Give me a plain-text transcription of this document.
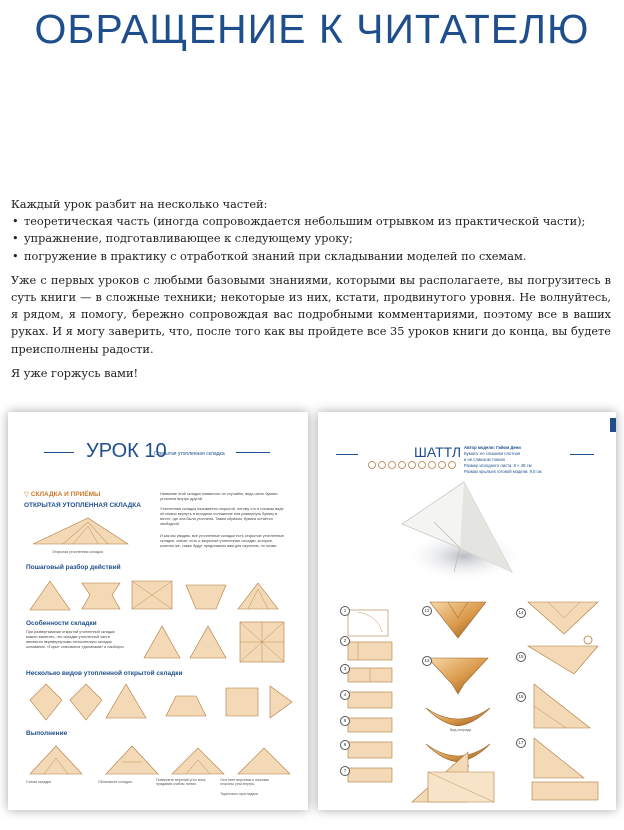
ОБРАЩЕНИЕ К ЧИТАТЕЛЮ

Каждый урок разбит на несколько частей:

• теоретическая часть (иногда сопровождается небольшим отрывком из практической части);
• упражнение, подготавливающее к следующему уроку;
• погружение в практику с отработкой знаний при складывании моделей по схемам.

Уже с первых уроков с любыми базовыми знаниями, которыми вы располагаете, вы погрузитесь в суть книги — в сложные техники; некоторые из них, кстати, продвинутого уровня. Не волнуйтесь, я рядом, я помогу, бережно сопровождая вас подробными комментариями, поэтому все в ваших руках. И я могу заверить, что, после того как вы пройдете все 35 уроков книги до конца, вы будете преисполнены радости.

Я уже горжусь вами!

УРОК 10
Открытая утопленная складка
▽ СКЛАДКА И ПРИЁМЫ
ОТКРЫТАЯ УТОПЛЕННАЯ СКЛАДКА
Открытая утопленная складка
Название этой складки появилось не случайно, ведь часть бумаги утоплена внутрь другой.
Утопленная складка называется открытой, потому что в готовом виде её можно вернуть в исходное положение или развернуть бумагу в месте, где она была утоплена. Таким образом, бумага остаётся свободной.
И как мы увидим, все утопленные складки есть открытые утопленные складки, значит, есть и закрытые утопленные складки, которые, конечно же, также будут предложены вам для изучения, но позже.
Пошаговый разбор действий
Особенности складки
При развертывании открытой утопленной складки можно заметить, что складки утопленной части являются перевернутыми относительно складок основания. «Горы» становятся «долинами» и наоборот.
Несколько видов утопленной открытой складки
Выполнение
Схема складки	Обозначьте складки.	Поверните верхний угол вниз, придавив сгибом линии.
Отогните верхнюю и нижнюю стороны угла внутрь.
Тщательно прогладьте.
ШАТТЛ Автор модели: Гийом Дени
Бумага: не слишком плотная
и не слишком тонкая
Размер исходного листа: 8 × 48 см
Размах крыльев готовой модели: 9,5 см
1
2
3
4
5
6
7
12
13
Вид спереди
14
15
16
17
